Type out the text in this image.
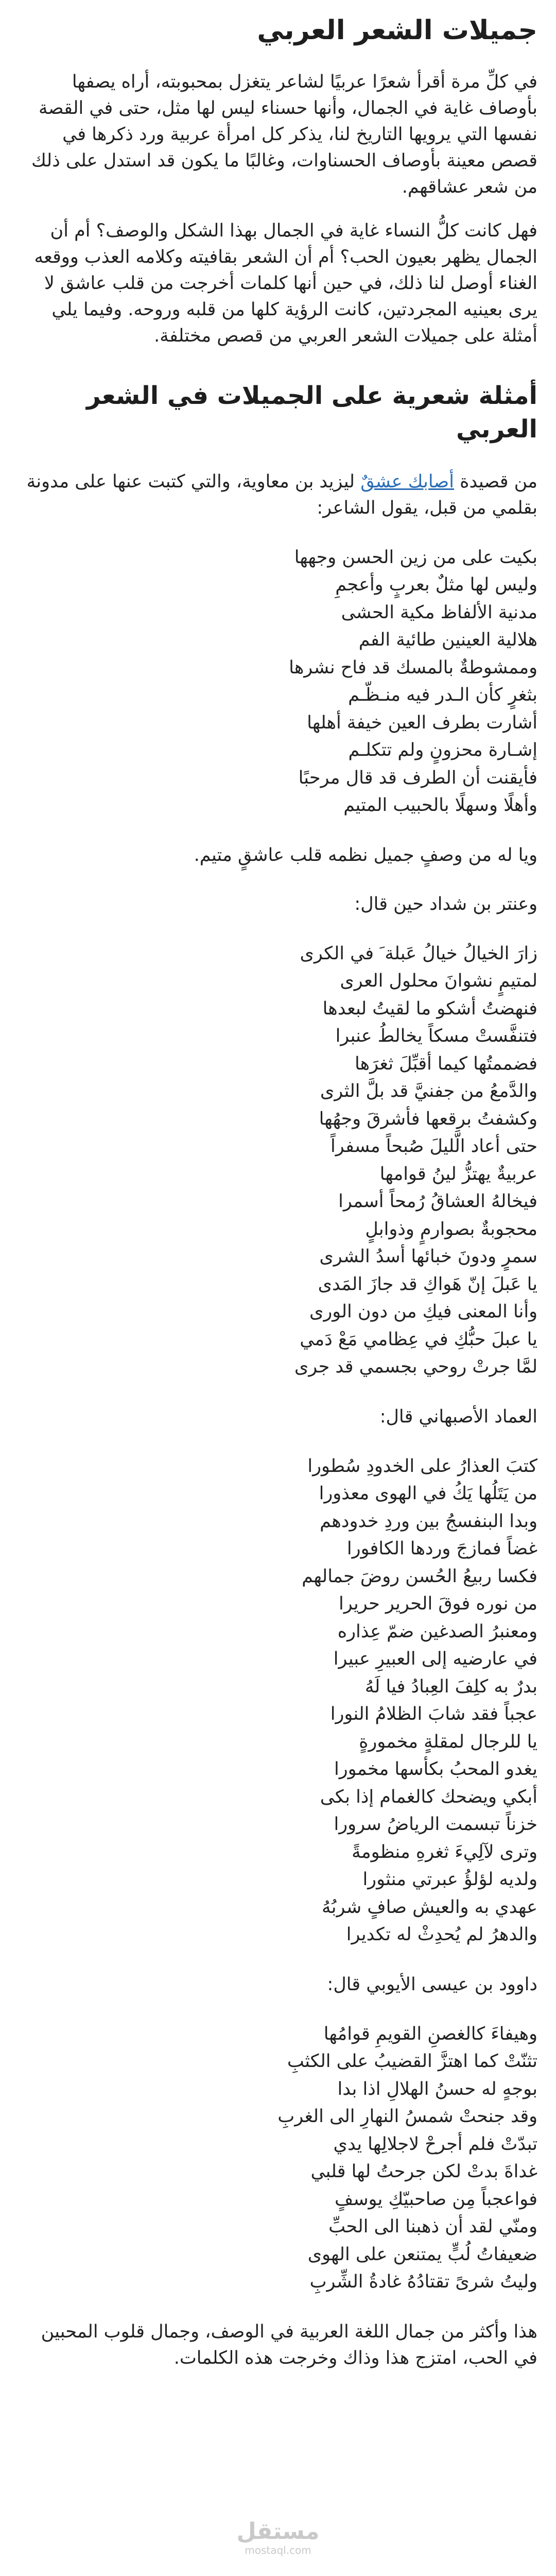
جميلات الشعر العربي

في كلِّ مرة أقرأ شعرًا عربيًا لشاعر يتغزل بمحبوبته، أراه يصفها بأوصاف غاية في الجمال، وأنها حسناء ليس لها مثل، حتى في القصة نفسها التي يرويها التاريخ لنا، يذكر كل امرأة عربية ورد ذكرها في قصص معينة بأوصاف الحسناوات، وغالبًا ما يكون قد استدل على ذلك من شعر عشاقهم.

فهل كانت كلُّ النساء غاية في الجمال بهذا الشكل والوصف؟ أم أن الجمال يظهر بعيون الحب؟ أم أن الشعر بقافيته وكلامه العذب ووقعه الغناء أوصل لنا ذلك، في حين أنها كلمات أخرجت من قلب عاشق لا يرى بعينيه المجردتين، كانت الرؤية كلها من قلبه وروحه. وفيما يلي أمثلة على جميلات الشعر العربي من قصص مختلفة.

أمثلة شعرية على الجميلات في الشعر العربي

من قصيدة أصابك عشقٌ ليزيد بن معاوية، والتي كتبت عنها على مدونة بقلمي من قبل، يقول الشاعر:

بكيت على من زين الحسن وجهها
وليس لها مثلٌ بعربٍ وأعجمِ
مدنية الألفاظ مكية الحشى
هلالية العينين طائية الفم
وممشوطةٌ بالمسك قد فاح نشرها
بثغرٍ كأن الـدر فيه منـظّـم
أشارت بطرف العين خيفة أهلها
إشـارة محزونٍ ولم تتكلـم
فأيقنت أن الطرف قد قال مرحبًا
وأهلًا وسهلًا بالحبيب المتيم

ويا له من وصفٍ جميل نظمه قلب عاشقٍ متيم.

وعنتر بن شداد حين قال:

زارَ الخيالُ خيالُ عَبلة َ في الكرى
لمتيمٍ نشوانَ محلول العرى
فنهضتُ أشكو ما لقيتُ لبعدها
فتنفَّستْ مسكاً يخالطُ عنبرا
فضممتُها كيما أقبِّلَ ثغرَها
والدَّمعُ من جفنيَّ قد بلَّ الثرى
وكشفتُ برقعها فأشرقَ وجهُها
حتى أعاد الَّليلَ صُبحاً مسفراً
عربيةٌ يهتزُّ لينُ قوامها
فيخالهُ العشاقُ رُمحاً أسمرا
محجوبةٌ بصوارمٍ وذوابلٍ
سمرٍ ودونَ خبائها أسدُ الشرى
يا عَبلَ إنّ هَواكِ قد جازَ المَدى
وأنا المعنى فيكِ من دون الورى
يا عبلَ حبُّكِ في عِظامي مَعْ دَمي
لمَّا جرتْ روحي بجسمي قد جرى

العماد الأصبهاني قال:

كتبَ العذارُ على الخدودِ سُطورا
من يَتَلُها يَكُ في الهوى معذورا
وبدا البنفسجُ بين وردِ خدودهم
غضاً فمازجَ وردها الكافورا
فكسا ربيعُ الحُسن روضَ جمالهم
من نوره فوقَ الحرير حريرا
ومعنبرُ الصدغين ضمّ عِذاره
في عارضيه إلى العبيرِ عبيرا
بدرٌ به كلِفَ العِبادُ فيا لَهُ
عجباً فقد شابَ الظلامُ النورا
يا للرجال لمقلةٍ مخمورةٍ
يغدو المحبُ بكأسها مخمورا
أبكي ويضحك كالغمام إذا بكى
خزناً تبسمت الرياضُ سرورا
وترى لآلِيءَ ثغرهِ منظومةً
ولديه لؤلؤُ عبرتي منثورا
عهدي به والعيش صافٍ شربُهُ
والدهرُ لم يُحدِثْ له تكديرا

داوود بن عيسى الأيوبي قال:

وهيفاءَ كالغصنِ القويمِ قوامُها
تثنّتْ كما اهتزَّ القضيبُ على الكثبِ
بوجهٍ له حسنُ الهلالِ اذا بدا
وقد جنحتْ شمسُ النهارِ الى الغربِ
تبدّتْ فلم أجرحْ لاجلالِها يدي
غداةَ بدتْ لكن جرحتُ لها قلبي
فواعجباً مِن صاحبيّكِ يوسفٍ
ومنّي لقد أن ذهبنا الى الحبِّ
ضعيفاتُ لُبٍّ يمتنعن على الهوى
وليتُ شرىً تقتادُهُ غادةُ الشِّربِ

هذا وأكثر من جمال اللغة العربية في الوصف، وجمال قلوب المحبين في الحب، امتزج هذا وذاك وخرجت هذه الكلمات.

مستقل
mostaql.com
